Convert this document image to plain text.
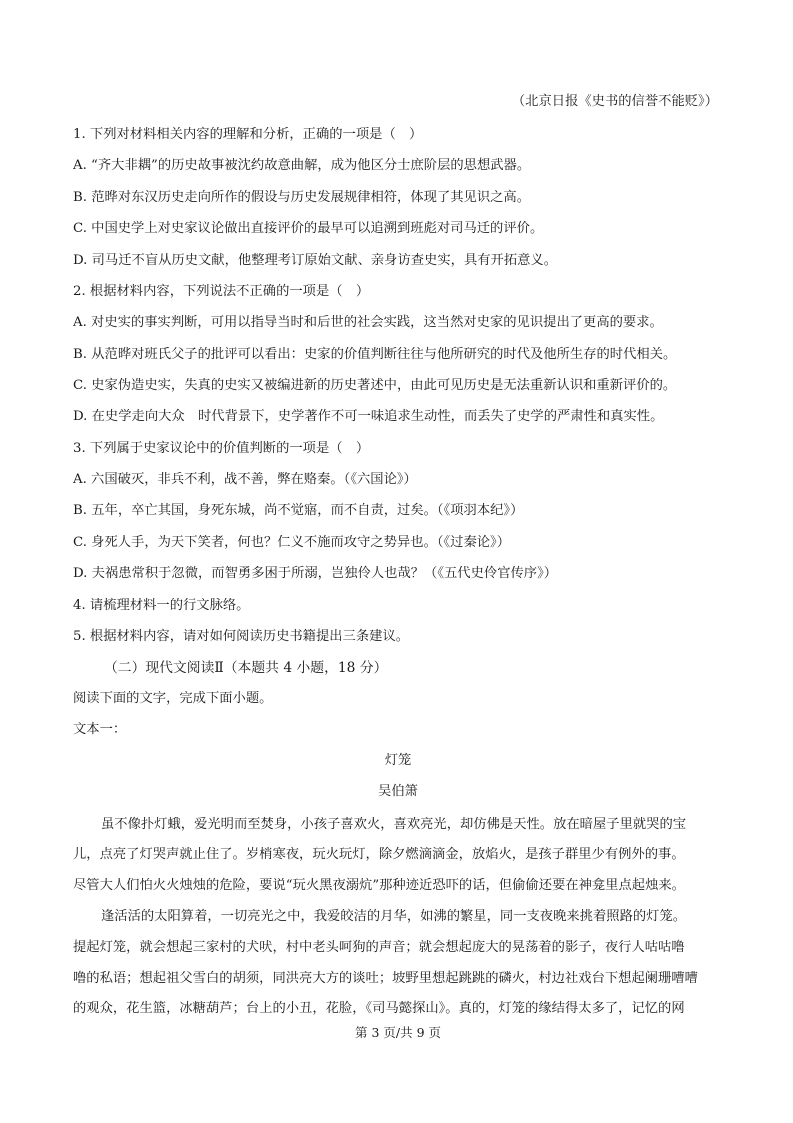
（北京日报《史书的信誉不能贬》）
1. 下列对材料相关内容的理解和分析，正确的一项是（　）
A. “齐大非耦”的历史故事被沈约故意曲解，成为他区分士庶阶层的思想武器。
B. 范晔对东汉历史走向所作的假设与历史发展规律相符，体现了其见识之高。
C. 中国史学上对史家议论做出直接评价的最早可以追溯到班彪对司马迁的评价。
D. 司马迁不盲从历史文献，他整理考订原始文献、亲身访查史实，具有开拓意义。
2. 根据材料内容，下列说法不正确的一项是（　）
A. 对史实的事实判断，可用以指导当时和后世的社会实践，这当然对史家的见识提出了更高的要求。
B. 从范晔对班氏父子的批评可以看出：史家的价值判断往往与他所研究的时代及他所生存的时代相关。
C. 史家伪造史实，失真的史实又被编进新的历史著述中，由此可见历史是无法重新认识和重新评价的。
D. 在史学走向大众　时代背景下，史学著作不可一味追求生动性，而丢失了史学的严肃性和真实性。
3. 下列属于史家议论中的价值判断的一项是（　）
A. 六国破灭，非兵不利，战不善，弊在赂秦。（《六国论》）
B. 五年，卒亡其国，身死东城，尚不觉寤，而不自责，过矣。（《项羽本纪》）
C. 身死人手，为天下笑者，何也？仁义不施而攻守之势异也。（《过秦论》）
D. 夫祸患常积于忽微，而智勇多困于所溺，岂独伶人也哉？（《五代史伶官传序》）
4. 请梳理材料一的行文脉络。
5. 根据材料内容，请对如何阅读历史书籍提出三条建议。
（二）现代文阅读Ⅱ（本题共 4 小题，18 分）
阅读下面的文字，完成下面小题。
文本一：
灯笼
吴伯箫
虽不像扑灯蛾，爱光明而至焚身，小孩子喜欢火，喜欢亮光，却仿佛是天性。放在暗屋子里就哭的宝
儿，点亮了灯哭声就止住了。岁梢寒夜，玩火玩灯，除夕燃滴滴金，放焰火，是孩子群里少有例外的事。
尽管大人们怕火火烛烛的危险，要说“玩火黑夜溺炕”那种迹近恐吓的话，但偷偷还要在神龛里点起烛来。
逢活活的太阳算着，一切亮光之中，我爱皎洁的月华，如沸的繁星，同一支夜晚来挑着照路的灯笼。
提起灯笼，就会想起三家村的犬吠，村中老头呵狗的声音；就会想起庞大的晃荡着的影子，夜行人咕咕噜
噜的私语；想起祖父雪白的胡须，同洪亮大方的谈吐；坡野里想起跳跳的磷火，村边社戏台下想起阑珊嘈嘈
的观众，花生篮，冰糖葫芦；台上的小丑，花脸，《司马懿探山》。真的，灯笼的缘结得太多了，记忆的网
第 3 页/共 9 页
